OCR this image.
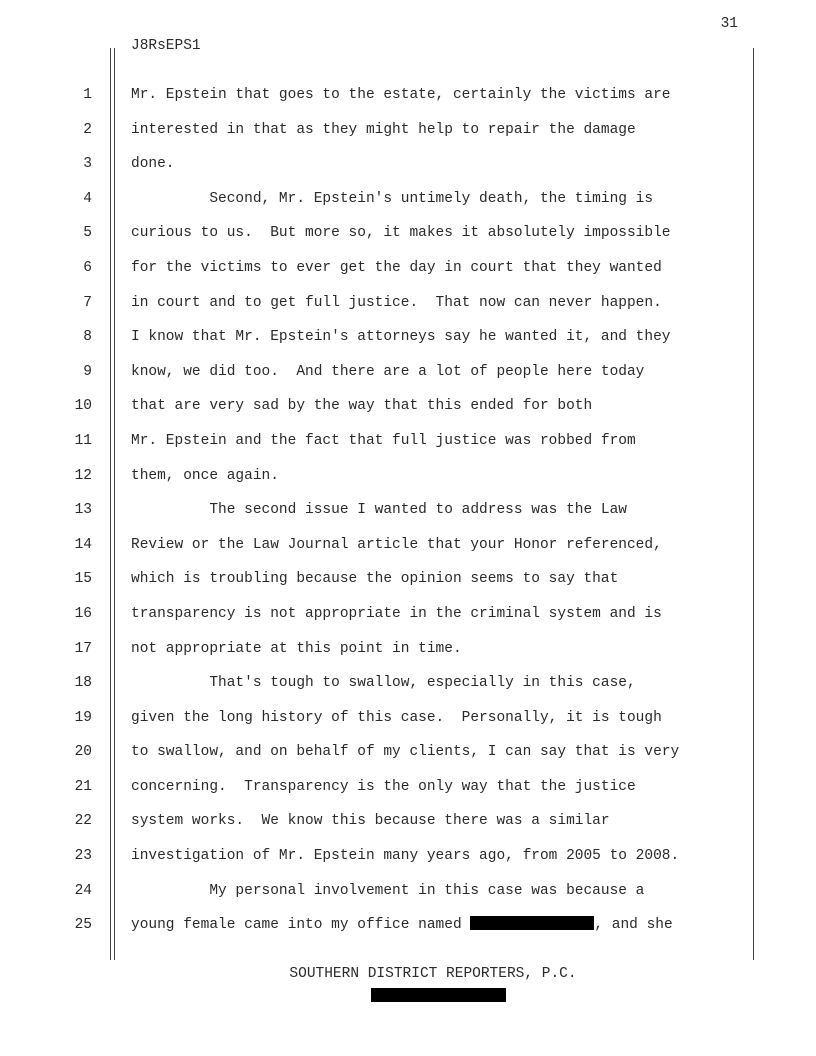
31
J8RsEPS1
1	Mr. Epstein that goes to the estate, certainly the victims are
2	interested in that as they might help to repair the damage
3	done.
4	Second, Mr. Epstein's untimely death, the timing is
5	curious to us.  But more so, it makes it absolutely impossible
6	for the victims to ever get the day in court that they wanted
7	in court and to get full justice.  That now can never happen.
8	I know that Mr. Epstein's attorneys say he wanted it, and they
9	know, we did too.  And there are a lot of people here today
10	that are very sad by the way that this ended for both
11	Mr. Epstein and the fact that full justice was robbed from
12	them, once again.
13	The second issue I wanted to address was the Law
14	Review or the Law Journal article that your Honor referenced,
15	which is troubling because the opinion seems to say that
16	transparency is not appropriate in the criminal system and is
17	not appropriate at this point in time.
18	That's tough to swallow, especially in this case,
19	given the long history of this case.  Personally, it is tough
20	to swallow, and on behalf of my clients, I can say that is very
21	concerning.  Transparency is the only way that the justice
22	system works.  We know this because there was a similar
23	investigation of Mr. Epstein many years ago, from 2005 to 2008.
24	My personal involvement in this case was because a
25	young female came into my office named	, and she
SOUTHERN DISTRICT REPORTERS, P.C.
